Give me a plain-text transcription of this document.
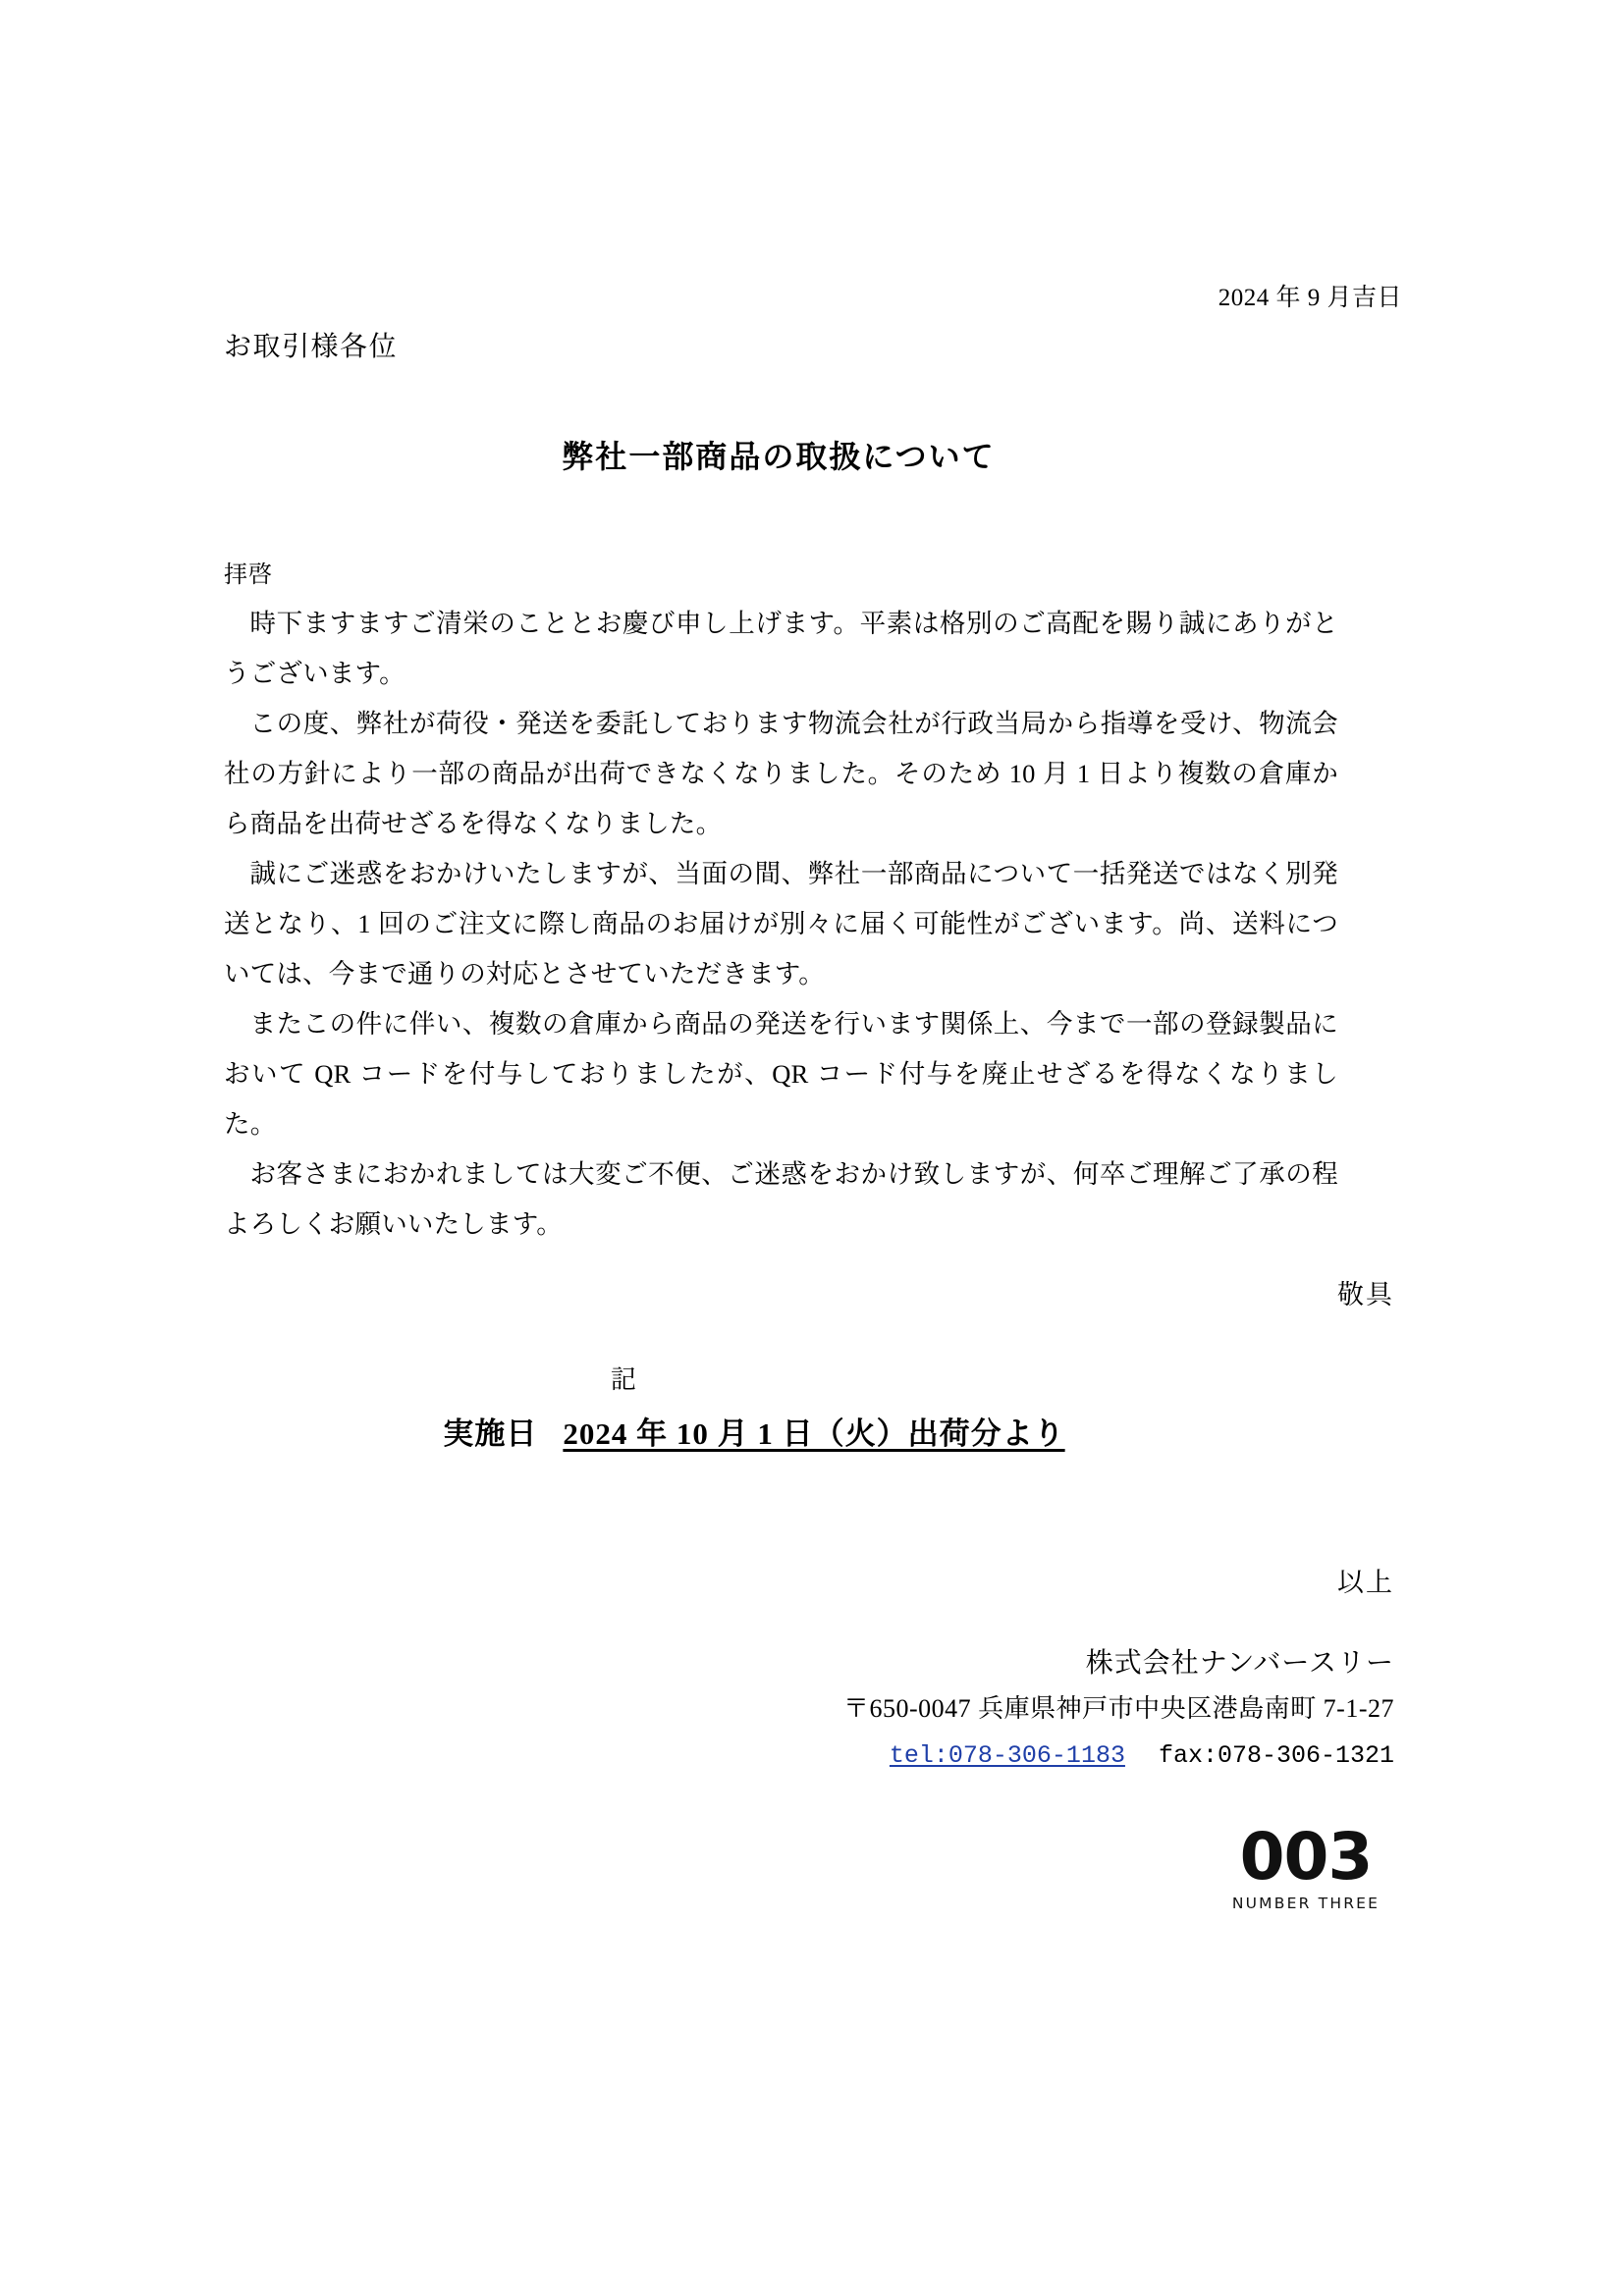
2024 年 9 月吉日
お取引様各位
弊社一部商品の取扱について
拝啓

時下ますますご清栄のこととお慶び申し上げます。平素は格別のご高配を賜り誠にありがとうございます。

この度、弊社が荷役・発送を委託しております物流会社が行政当局から指導を受け、物流会社の方針により一部の商品が出荷できなくなりました。そのため 10 月 1 日より複数の倉庫から商品を出荷せざるを得なくなりました。

誠にご迷惑をおかけいたしますが、当面の間、弊社一部商品について一括発送ではなく別発送となり、1 回のご注文に際し商品のお届けが別々に届く可能性がございます。尚、送料については、今まで通りの対応とさせていただきます。

またこの件に伴い、複数の倉庫から商品の発送を行います関係上、今まで一部の登録製品において QR コードを付与しておりましたが、QR コード付与を廃止せざるを得なくなりました。

お客さまにおかれましては大変ご不便、ご迷惑をおかけ致しますが、何卒ご理解ご了承の程よろしくお願いいたします。

敬具
記
実施日 2024 年 10 月 1 日（火）出荷分より
以上
株式会社ナンバースリー
〒650-0047 兵庫県神戸市中央区港島南町 7-1-27
tel:078-306-1183 fax:078-306-1321
003
NUMBER THREE
